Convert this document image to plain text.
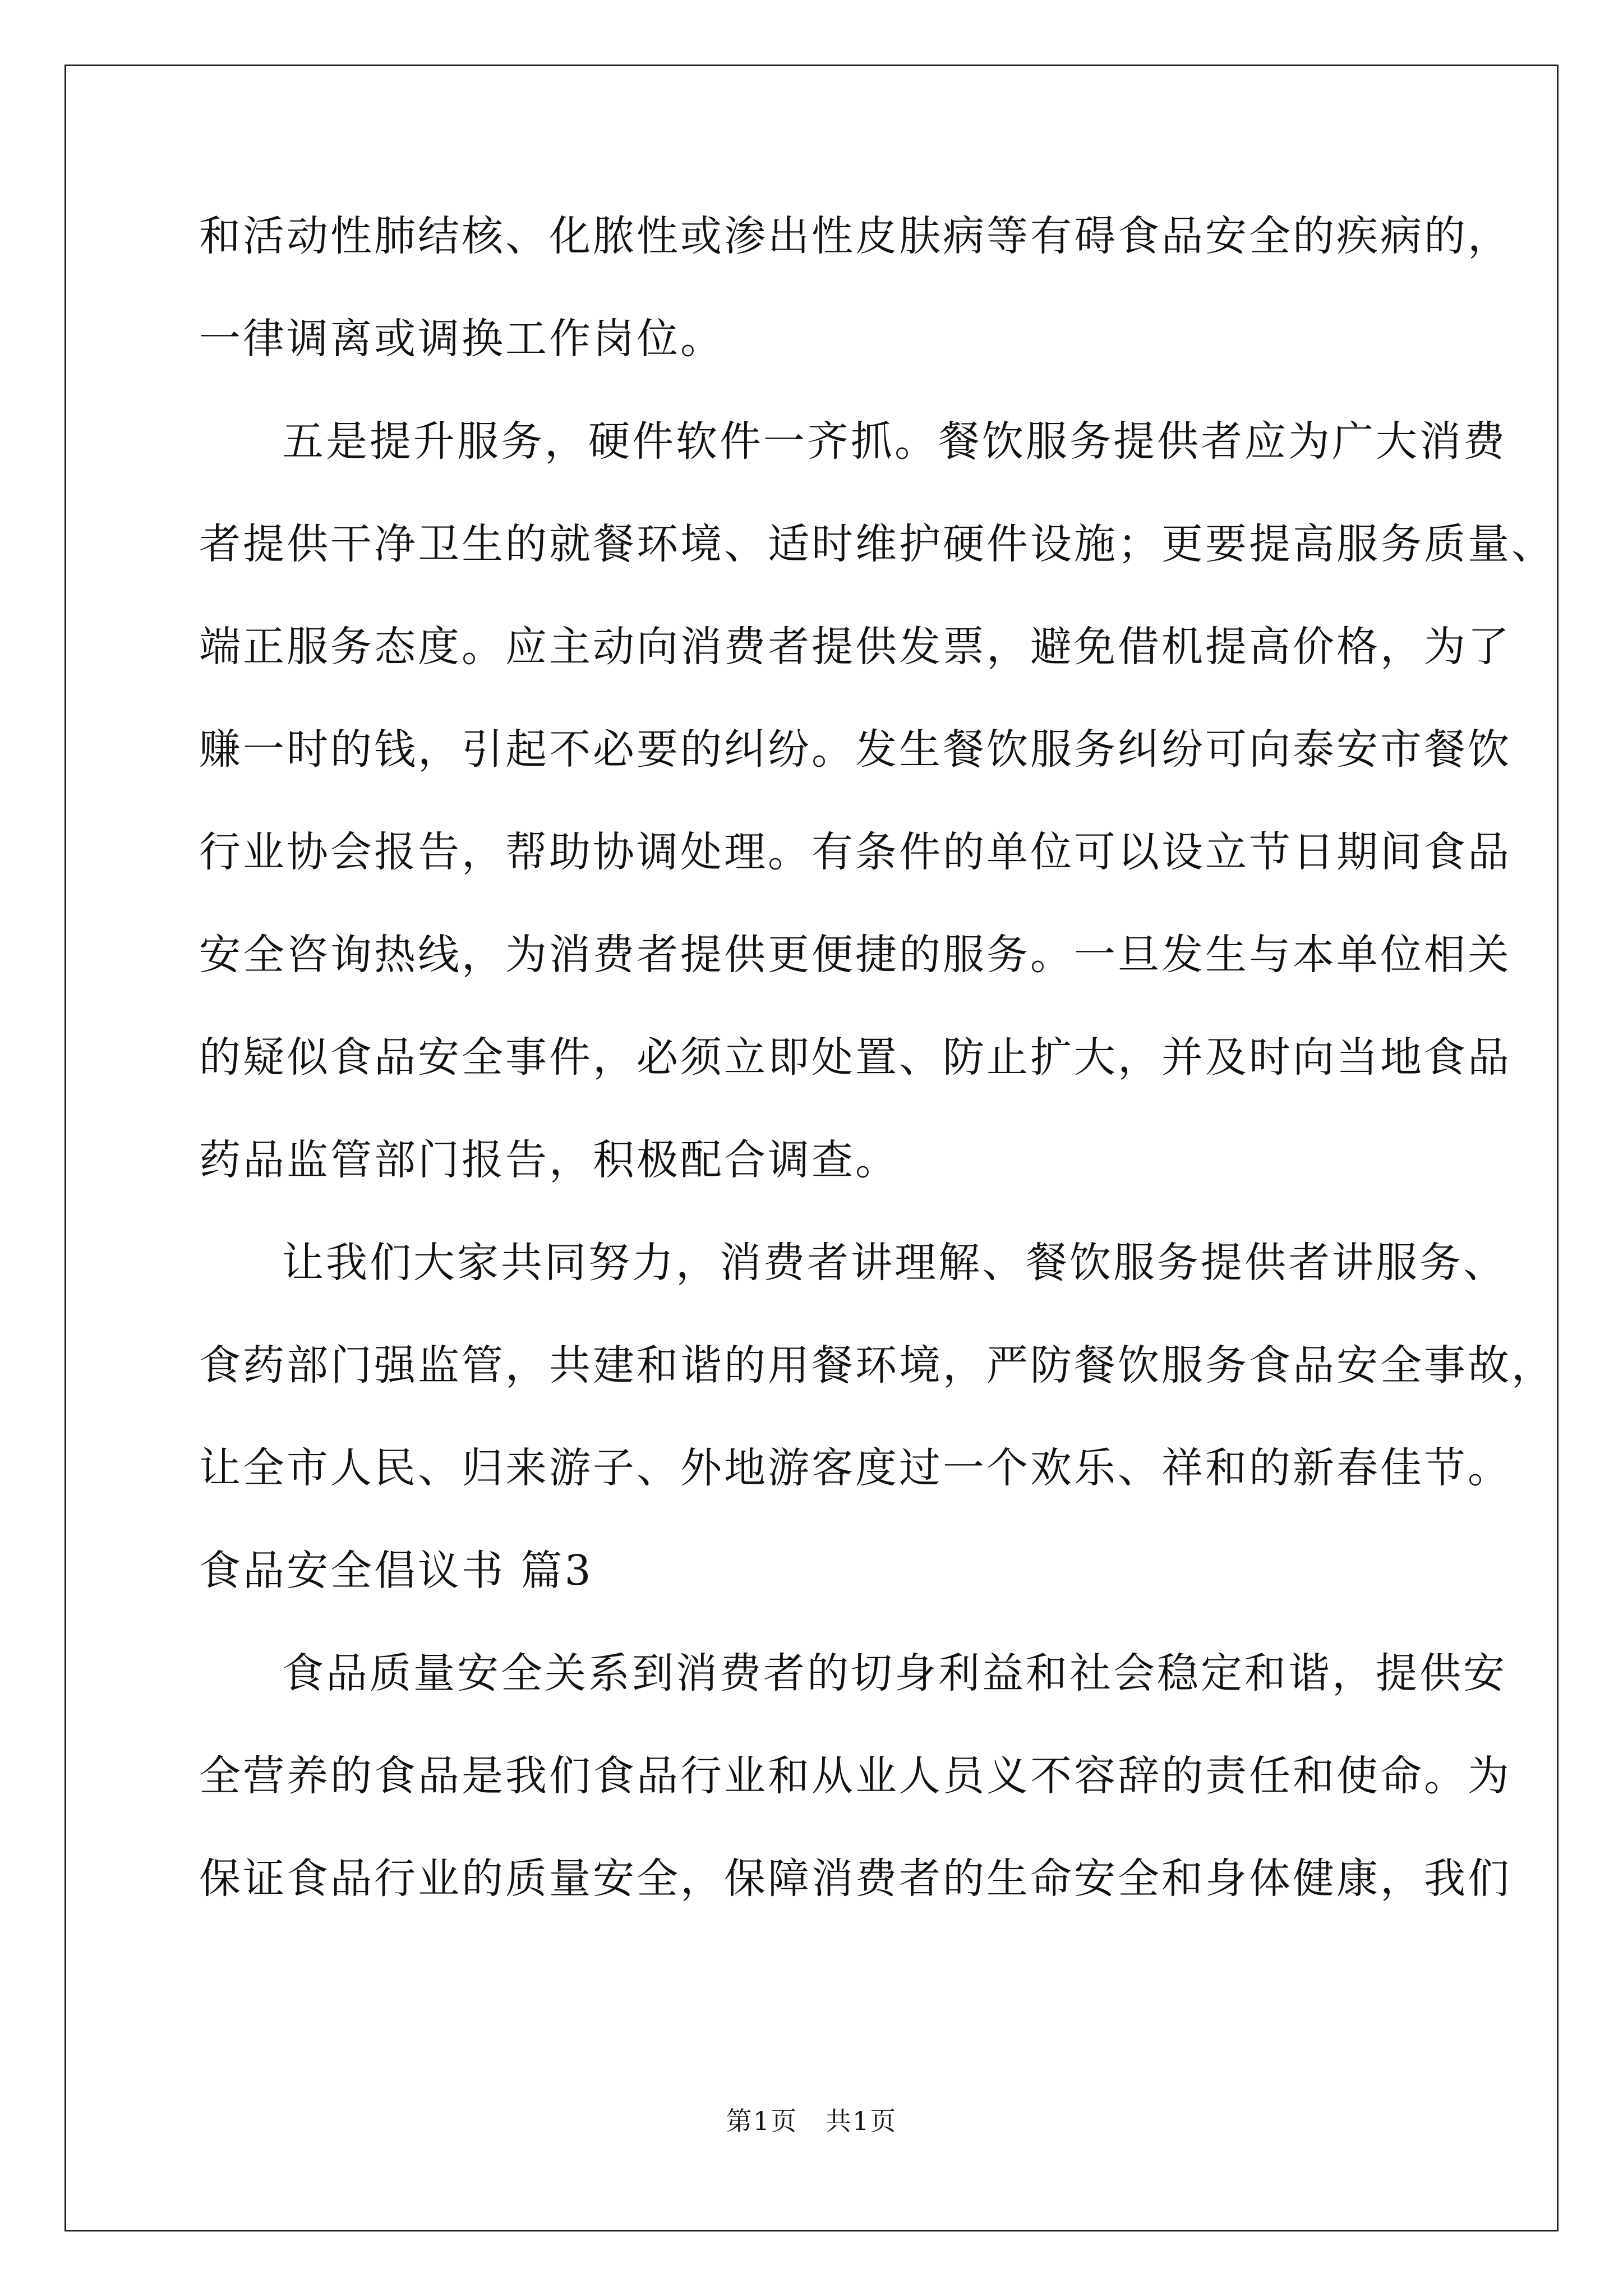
和活动性肺结核、化脓性或渗出性皮肤病等有碍食品安全的疾病的，
一律调离或调换工作岗位。
五是提升服务，硬件软件一齐抓。餐饮服务提供者应为广大消费
者提供干净卫生的就餐环境、适时维护硬件设施；更要提高服务质量、
端正服务态度。应主动向消费者提供发票，避免借机提高价格，为了
赚一时的钱，引起不必要的纠纷。发生餐饮服务纠纷可向泰安市餐饮
行业协会报告，帮助协调处理。有条件的单位可以设立节日期间食品
安全咨询热线，为消费者提供更便捷的服务。一旦发生与本单位相关
的疑似食品安全事件，必须立即处置、防止扩大，并及时向当地食品
药品监管部门报告，积极配合调查。
让我们大家共同努力，消费者讲理解、餐饮服务提供者讲服务、
食药部门强监管，共建和谐的用餐环境，严防餐饮服务食品安全事故，
让全市人民、归来游子、外地游客度过一个欢乐、祥和的新春佳节。
食品安全倡议书 篇3
食品质量安全关系到消费者的切身利益和社会稳定和谐，提供安
全营养的食品是我们食品行业和从业人员义不容辞的责任和使命。为
保证食品行业的质量安全，保障消费者的生命安全和身体健康，我们
第1页   共1页
